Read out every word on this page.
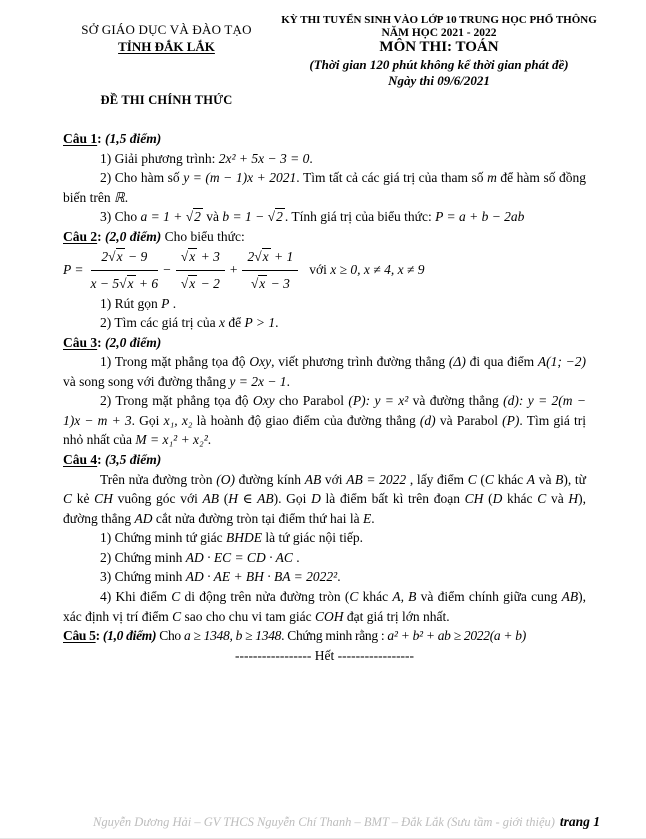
SỞ GIÁO DỤC VÀ ĐÀO TẠO
TỈNH ĐẮK LẮK
ĐỀ THI CHÍNH THỨC
KỲ THI TUYỂN SINH VÀO LỚP 10 TRUNG HỌC PHỔ THÔNG
NĂM HỌC 2021 - 2022
MÔN THI: TOÁN
(Thời gian 120 phút không kể thời gian phát đề)
Ngày thi 09/6/2021
Câu 1: (1,5 điểm)
1) Giải phương trình: 2x² + 5x − 3 = 0.
2) Cho hàm số y = (m − 1)x + 2021. Tìm tất cả các giá trị của tham số m để hàm số đồng biến trên ℝ.
3) Cho a = 1 + √2 và b = 1 − √2 . Tính giá trị của biểu thức: P = a + b − 2ab
Câu 2: (2,0 điểm) Cho biểu thức:
$P = \frac{2√x - 9}{x - 5√x + 6} - \frac{√x + 3}{√x - 2} + \frac{2√x + 1}{√x - 3}$ với x ≥ 0, x ≠ 4, x ≠ 9
1) Rút gọn P .
2) Tìm các giá trị của x để P > 1.
Câu 3: (2,0 điểm)
1) Trong mặt phẳng tọa độ Oxy, viết phương trình đường thẳng (Δ) đi qua điểm A(1; −2) và song song với đường thẳng y = 2x − 1.
2) Trong mặt phẳng tọa độ Oxy cho Parabol (P): y = x² và đường thẳng (d): y = 2(m − 1)x − m + 3. Gọi x₁, x₂ là hoành độ giao điểm của đường thẳng (d) và Parabol (P). Tìm giá trị nhỏ nhất của M = x₁² + x₂².
Câu 4: (3,5 điểm)
Trên nửa đường tròn (O) đường kính AB với AB = 2022 , lấy điểm C (C khác A và B), từ C kẻ CH vuông góc với AB (H ∈ AB). Gọi D là điểm bất kì trên đoạn CH (D khác C và H), đường thẳng AD cắt nửa đường tròn tại điểm thứ hai là E.
1) Chứng minh tứ giác BHDE là tứ giác nội tiếp.
2) Chứng minh AD · EC = CD · AC .
3) Chứng minh AD · AE + BH · BA = 2022².
4) Khi điểm C di động trên nửa đường tròn (C khác A, B và điểm chính giữa cung AB), xác định vị trí điểm C sao cho chu vi tam giác COH đạt giá trị lớn nhất.
Câu 5: (1,0 điểm) Cho a ≥ 1348, b ≥ 1348. Chứng minh rằng : a² + b² + ab ≥ 2022(a + b)
----------------- Hết -----------------
Nguyễn Dương Hải – GV THCS Nguyễn Chí Thanh – BMT – Đắk Lắk (Sưu tầm - giới thiệu) trang 1
